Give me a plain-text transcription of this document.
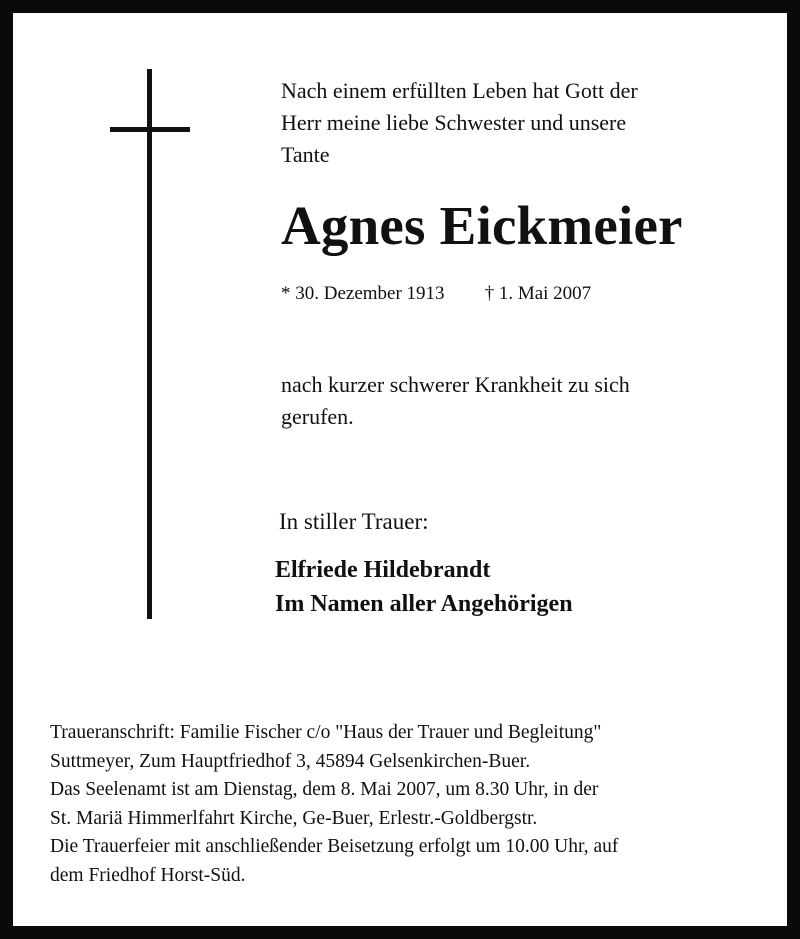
Nach einem erfüllten Leben hat Gott der
Herr meine liebe Schwester und unsere
Tante
Agnes Eickmeier
* 30. Dezember 1913 † 1. Mai 2007
nach kurzer schwerer Krankheit zu sich
gerufen.
In stiller Trauer:
Elfriede Hildebrandt
Im Namen aller Angehörigen
Traueranschrift: Familie Fischer c/o "Haus der Trauer und Begleitung"
Suttmeyer, Zum Hauptfriedhof 3, 45894 Gelsenkirchen-Buer.
Das Seelenamt ist am Dienstag, dem 8. Mai 2007, um 8.30 Uhr, in der
St. Mariä Himmerlfahrt Kirche, Ge-Buer, Erlestr.-Goldbergstr.
Die Trauerfeier mit anschließender Beisetzung erfolgt um 10.00 Uhr, auf
dem Friedhof Horst-Süd.
